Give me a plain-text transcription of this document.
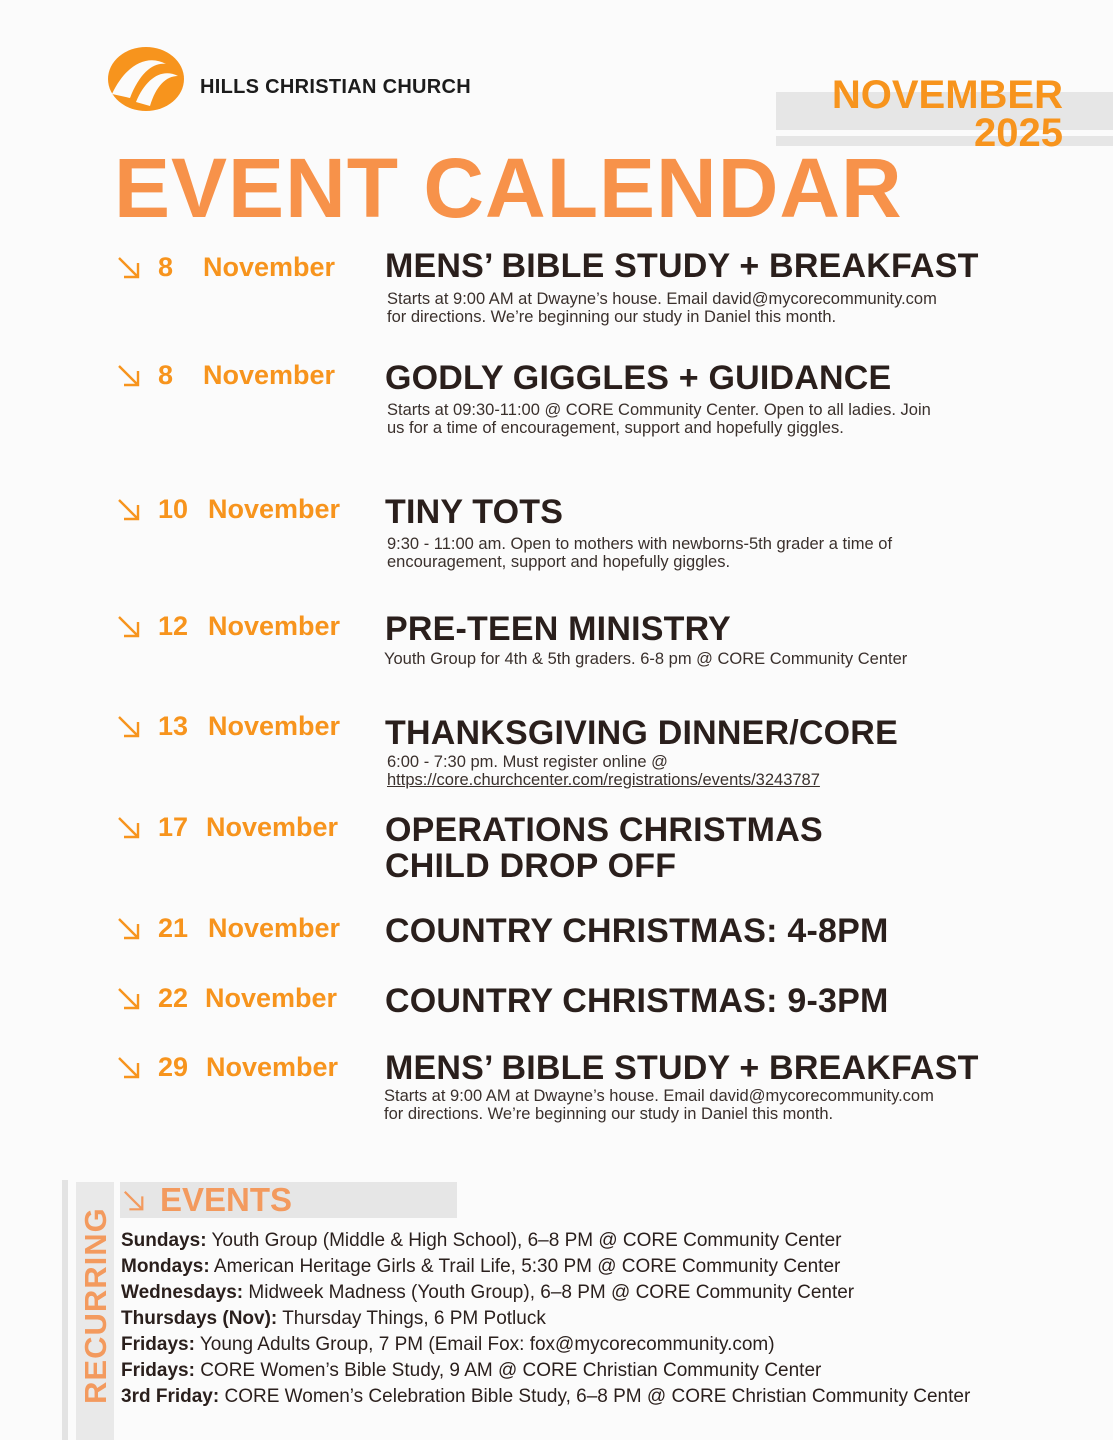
HILLS CHRISTIAN CHURCH	NOVEMBER
2025
EVENT CALENDAR
8 November MENS’ BIBLE STUDY + BREAKFAST
Starts at 9:00 AM at Dwayne’s house. Email david@mycorecommunity.com for directions. We’re beginning our study in Daniel this month.
8 November GODLY GIGGLES + GUIDANCE
Starts at 09:30-11:00 @ CORE Community Center. Open to all ladies. Join us for a time of encouragement, support and hopefully giggles.
10 November TINY TOTS
9:30 - 11:00 am. Open to mothers with newborns-5th grader a time of encouragement, support and hopefully giggles.
12 November PRE-TEEN MINISTRY
Youth Group for 4th & 5th graders. 6-8 pm @ CORE Community Center
13 November THANKSGIVING DINNER/CORE
6:00 - 7:30 pm. Must register online @
https://core.churchcenter.com/registrations/events/3243787
17 November OPERATIONS CHRISTMAS CHILD DROP OFF
21 November COUNTRY CHRISTMAS: 4-8PM
22 November COUNTRY CHRISTMAS: 9-3PM
29 November MENS’ BIBLE STUDY + BREAKFAST
Starts at 9:00 AM at Dwayne’s house. Email david@mycorecommunity.com for directions. We’re beginning our study in Daniel this month.
RECURRING
EVENTS
Sundays: Youth Group (Middle & High School), 6–8 PM @ CORE Community Center
Mondays: American Heritage Girls & Trail Life, 5:30 PM @ CORE Community Center
Wednesdays: Midweek Madness (Youth Group), 6–8 PM @ CORE Community Center
Thursdays (Nov): Thursday Things, 6 PM Potluck
Fridays: Young Adults Group, 7 PM (Email Fox: fox@mycorecommunity.com)
Fridays: CORE Women’s Bible Study, 9 AM @ CORE Christian Community Center
3rd Friday: CORE Women’s Celebration Bible Study, 6–8 PM @ CORE Christian Community Center
